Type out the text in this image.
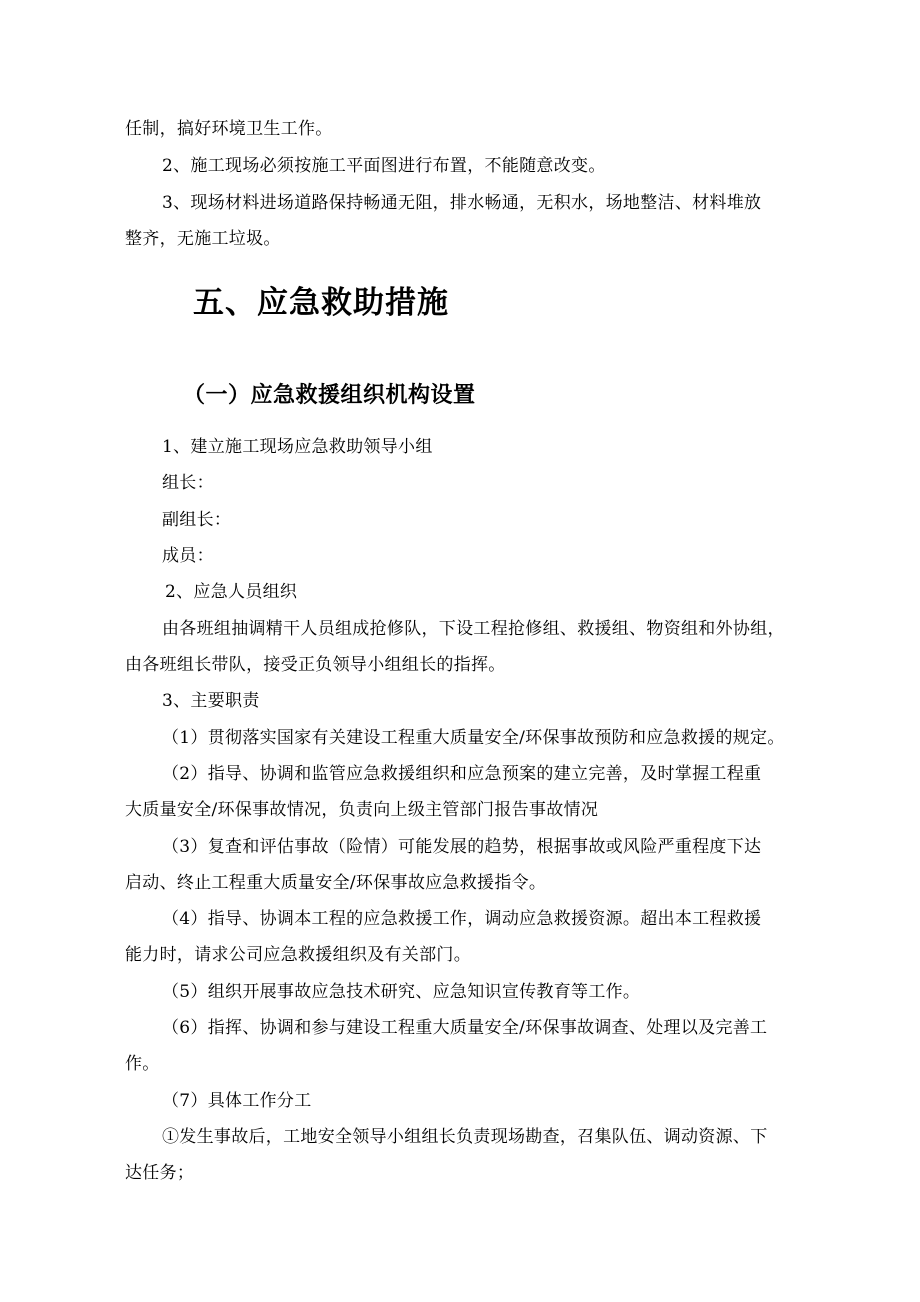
任制，搞好环境卫生工作。
2、施工现场必须按施工平面图进行布置，不能随意改变。
3、现场材料进场道路保持畅通无阻，排水畅通，无积水，场地整洁、材料堆放
整齐，无施工垃圾。
五、应急救助措施
（一）应急救援组织机构设置
1、建立施工现场应急救助领导小组
组长：
副组长：
成员：
2、应急人员组织
由各班组抽调精干人员组成抢修队，下设工程抢修组、救援组、物资组和外协组，
由各班组长带队，接受正负领导小组组长的指挥。
3、主要职责
（1）贯彻落实国家有关建设工程重大质量安全/环保事故预防和应急救援的规定。
（2）指导、协调和监管应急救援组织和应急预案的建立完善，及时掌握工程重
大质量安全/环保事故情况，负责向上级主管部门报告事故情况
（3）复查和评估事故（险情）可能发展的趋势，根据事故或风险严重程度下达
启动、终止工程重大质量安全/环保事故应急救援指令。
（4）指导、协调本工程的应急救援工作，调动应急救援资源。超出本工程救援
能力时，请求公司应急救援组织及有关部门。
（5）组织开展事故应急技术研究、应急知识宣传教育等工作。
（6）指挥、协调和参与建设工程重大质量安全/环保事故调查、处理以及完善工
作。
（7）具体工作分工
①发生事故后，工地安全领导小组组长负责现场勘查，召集队伍、调动资源、下
达任务；
